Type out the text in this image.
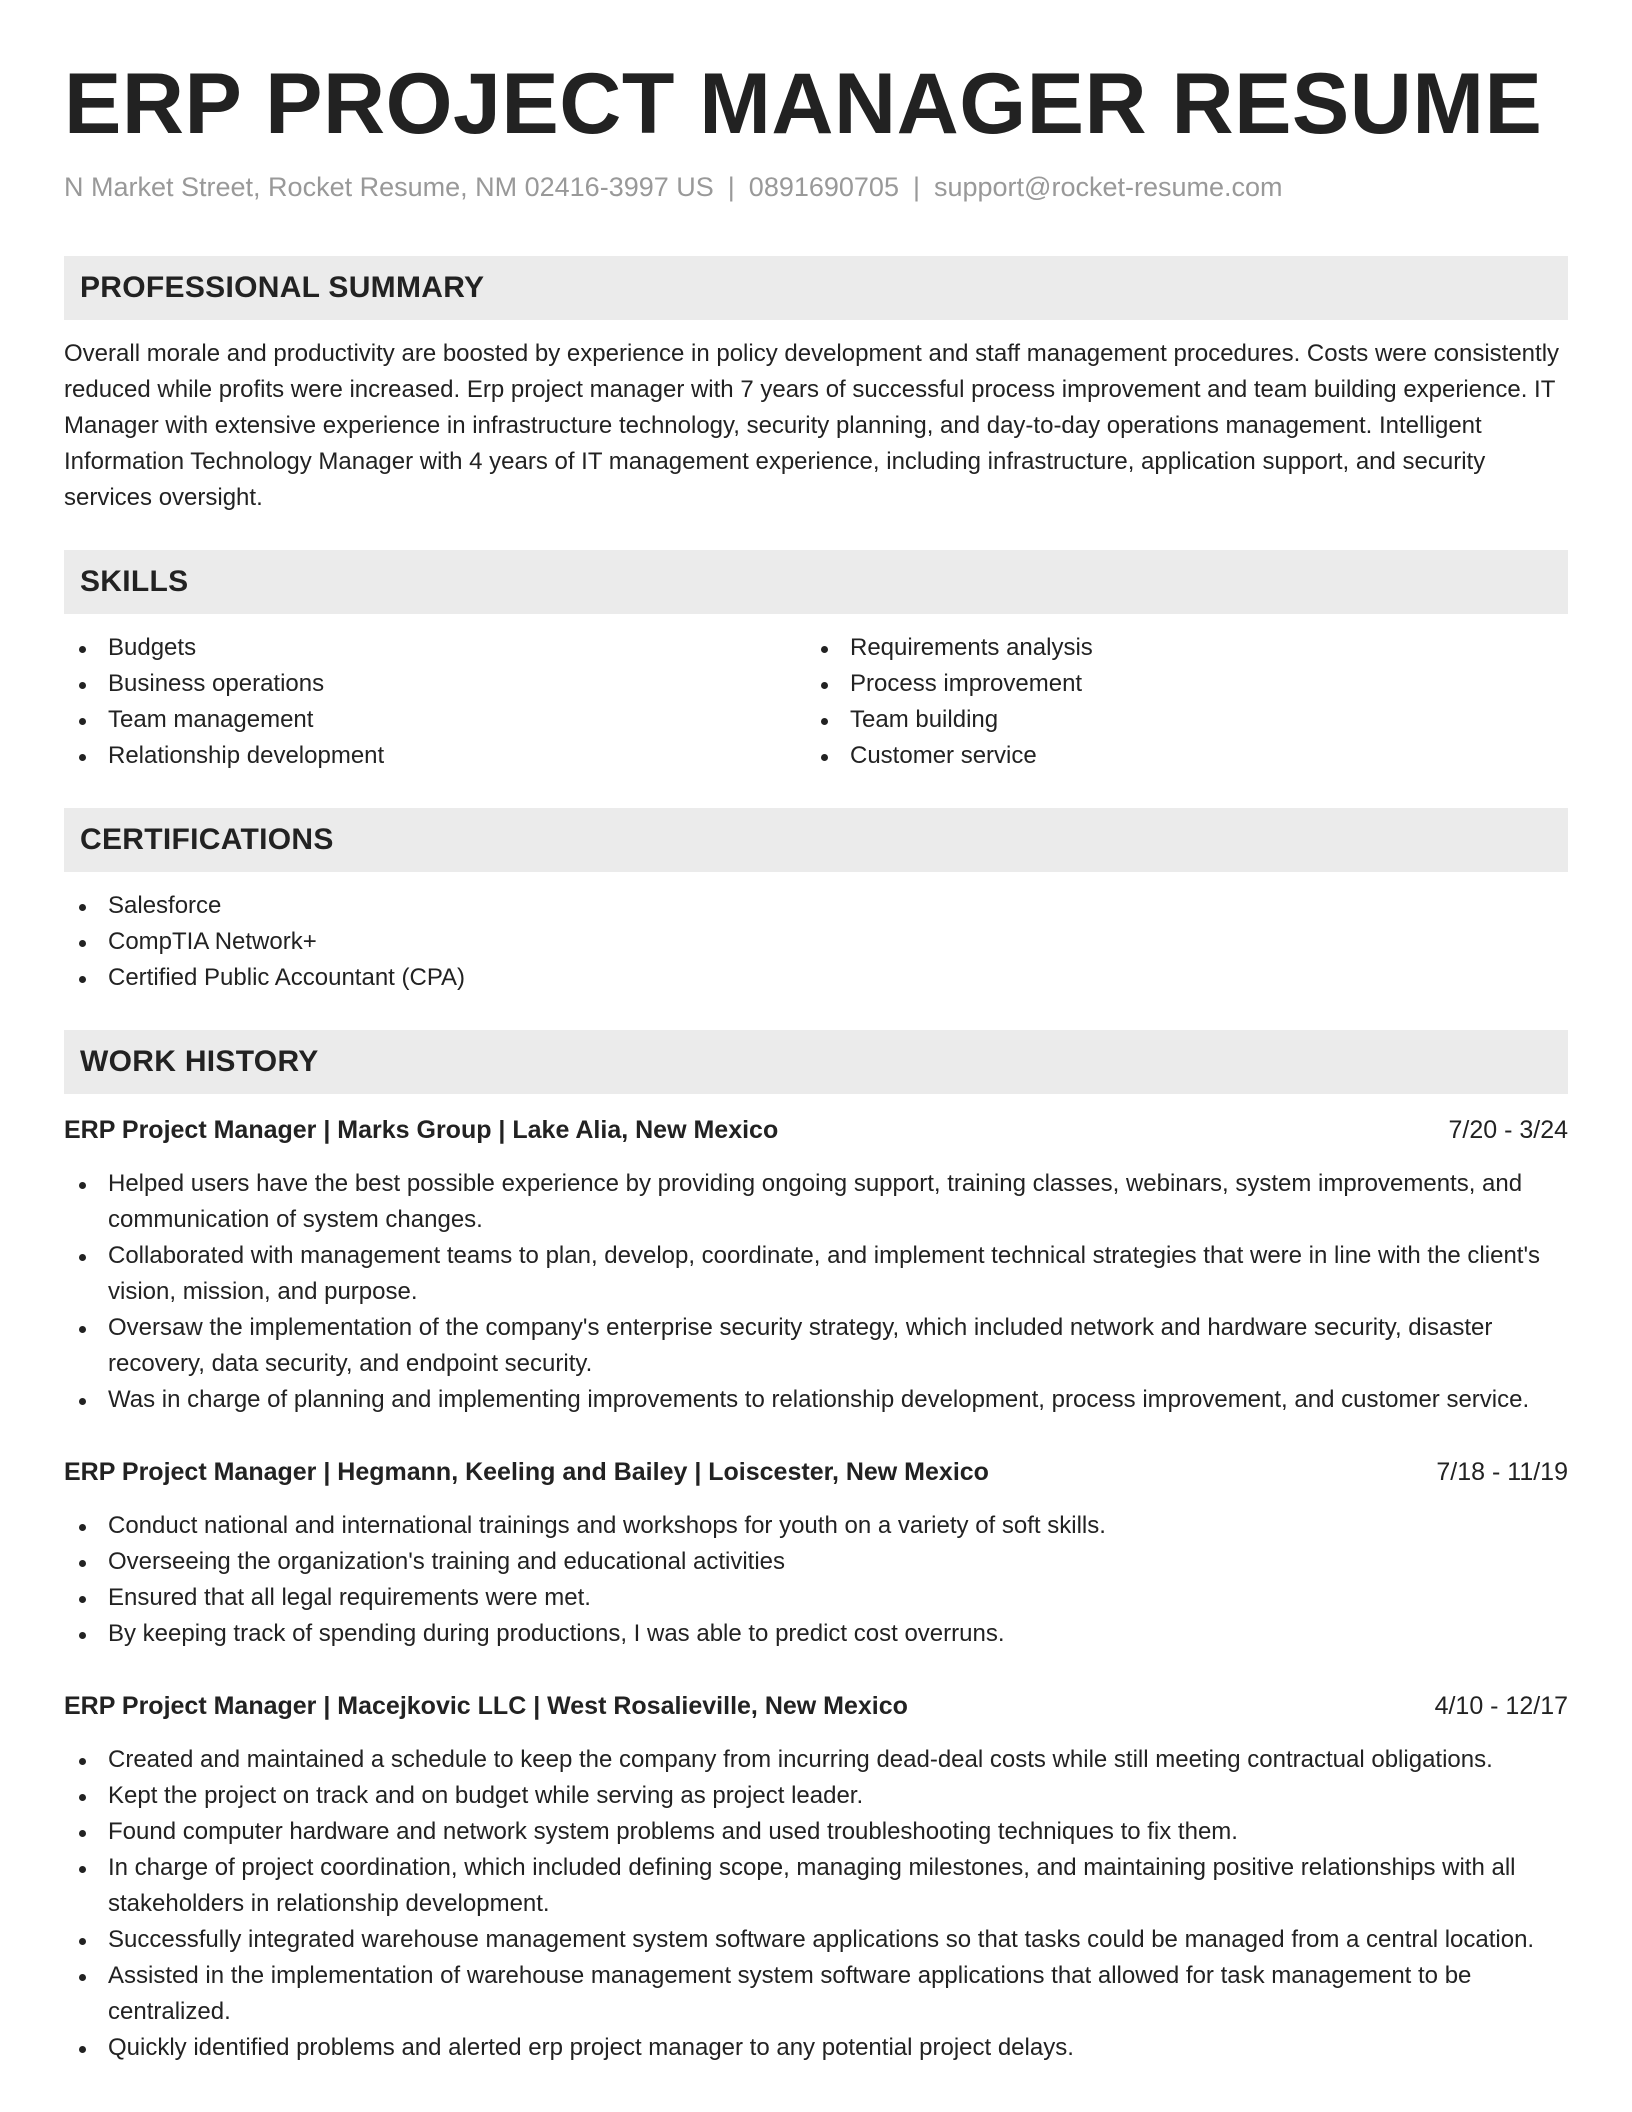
ERP PROJECT MANAGER RESUME
N Market Street, Rocket Resume, NM 02416-3997 US | 0891690705 | support@rocket-resume.com
PROFESSIONAL SUMMARY
Overall morale and productivity are boosted by experience in policy development and staff management procedures. Costs were consistently reduced while profits were increased. Erp project manager with 7 years of successful process improvement and team building experience. IT Manager with extensive experience in infrastructure technology, security planning, and day-to-day operations management. Intelligent Information Technology Manager with 4 years of IT management experience, including infrastructure, application support, and security services oversight.
SKILLS
Budgets
Business operations
Team management
Relationship development
Requirements analysis
Process improvement
Team building
Customer service
CERTIFICATIONS
Salesforce
CompTIA Network+
Certified Public Accountant (CPA)
WORK HISTORY
ERP Project Manager | Marks Group | Lake Alia, New Mexico	7/20 - 3/24
Helped users have the best possible experience by providing ongoing support, training classes, webinars, system improvements, and communication of system changes.
Collaborated with management teams to plan, develop, coordinate, and implement technical strategies that were in line with the client's vision, mission, and purpose.
Oversaw the implementation of the company's enterprise security strategy, which included network and hardware security, disaster recovery, data security, and endpoint security.
Was in charge of planning and implementing improvements to relationship development, process improvement, and customer service.
ERP Project Manager | Hegmann, Keeling and Bailey | Loiscester, New Mexico	7/18 - 11/19
Conduct national and international trainings and workshops for youth on a variety of soft skills.
Overseeing the organization's training and educational activities
Ensured that all legal requirements were met.
By keeping track of spending during productions, I was able to predict cost overruns.
ERP Project Manager | Macejkovic LLC | West Rosalieville, New Mexico	4/10 - 12/17
Created and maintained a schedule to keep the company from incurring dead-deal costs while still meeting contractual obligations.
Kept the project on track and on budget while serving as project leader.
Found computer hardware and network system problems and used troubleshooting techniques to fix them.
In charge of project coordination, which included defining scope, managing milestones, and maintaining positive relationships with all stakeholders in relationship development.
Successfully integrated warehouse management system software applications so that tasks could be managed from a central location.
Assisted in the implementation of warehouse management system software applications that allowed for task management to be centralized.
Quickly identified problems and alerted erp project manager to any potential project delays.
